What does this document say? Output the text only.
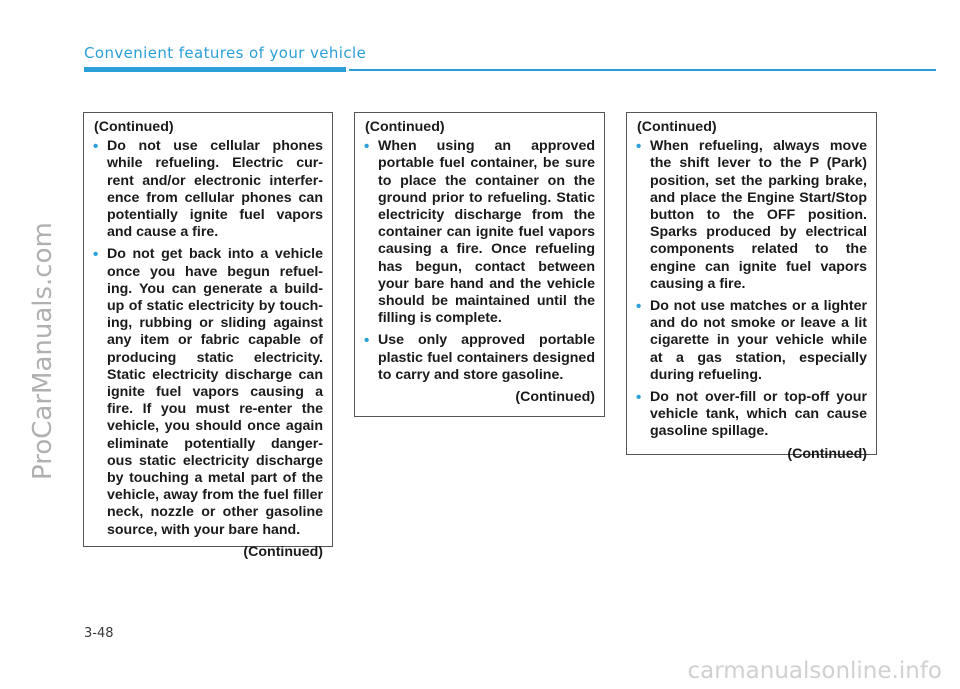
Convenient features of your vehicle
ProCarManuals.com
(Continued)
• Do not use cellular phones while refueling. Electric cur-rent and/or electronic interfer-ence from cellular phones can potentially ignite fuel vapors and cause a fire.
• Do not get back into a vehicle once you have begun refuel-ing. You can generate a build-up of static electricity by touch-ing, rubbing or sliding against any item or fabric capable of producing static electricity. Static electricity discharge can ignite fuel vapors causing a fire. If you must re-enter the vehicle, you should once again eliminate potentially danger-ous static electricity discharge by touching a metal part of the vehicle, away from the fuel filler neck, nozzle or other gasoline source, with your bare hand.
(Continued)
(Continued)
• When using an approved portable fuel container, be sure to place the container on the ground prior to refueling. Static electricity discharge from the container can ignite fuel vapors causing a fire. Once refueling has begun, contact between your bare hand and the vehicle should be maintained until the filling is complete.
• Use only approved portable plastic fuel containers designed to carry and store gasoline.
(Continued)
(Continued)
• When refueling, always move the shift lever to the P (Park) position, set the parking brake, and place the Engine Start/Stop button to the OFF position. Sparks produced by electrical components related to the engine can ignite fuel vapors causing a fire.
• Do not use matches or a lighter and do not smoke or leave a lit cigarette in your vehicle while at a gas station, especially during refueling.
• Do not over-fill or top-off your vehicle tank, which can cause gasoline spillage.
(Continued)
3-48
carmanualsonline.info
